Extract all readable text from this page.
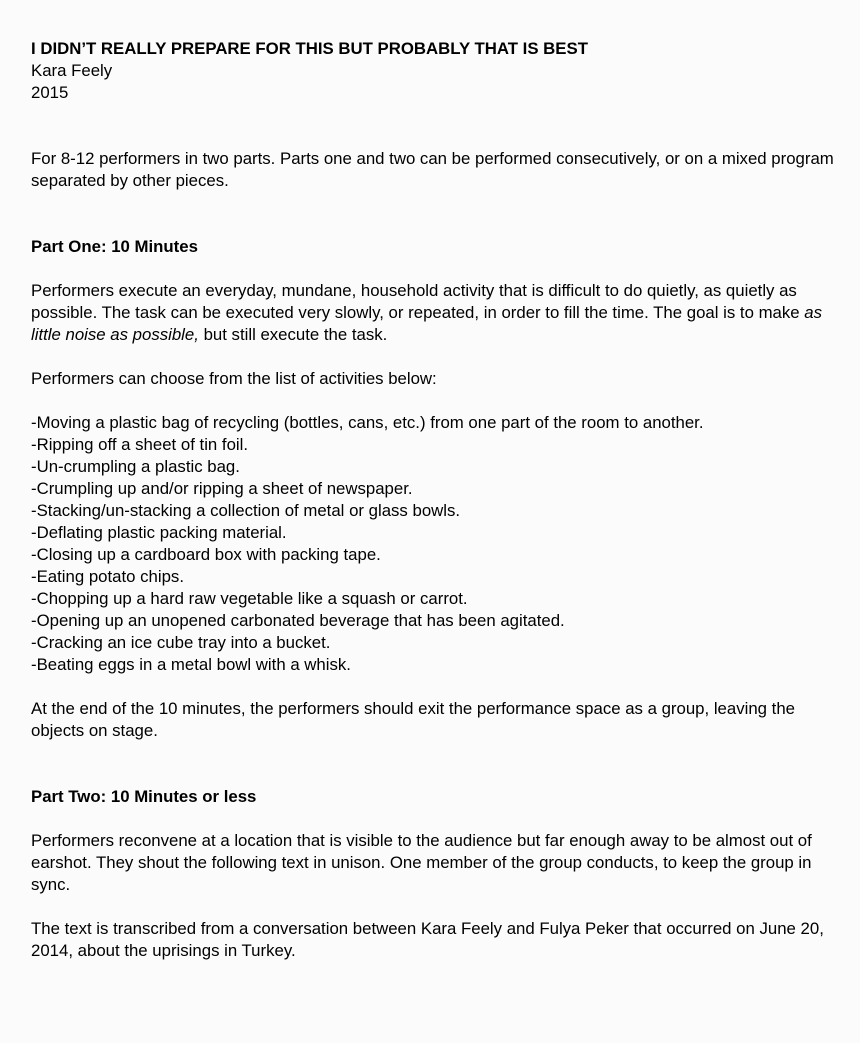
I DIDN’T REALLY PREPARE FOR THIS BUT PROBABLY THAT IS BEST

Kara Feely

2015

For 8-12 performers in two parts. Parts one and two can be performed consecutively, or on a mixed program separated by other pieces.

Part One: 10 Minutes

Performers execute an everyday, mundane, household activity that is difficult to do quietly, as quietly as possible. The task can be executed very slowly, or repeated, in order to fill the time. The goal is to make as little noise as possible, but still execute the task.

Performers can choose from the list of activities below:

-Moving a plastic bag of recycling (bottles, cans, etc.) from one part of the room to another.
-Ripping off a sheet of tin foil.
-Un-crumpling a plastic bag.
-Crumpling up and/or ripping a sheet of newspaper.
-Stacking/un-stacking a collection of metal or glass bowls.
-Deflating plastic packing material.
-Closing up a cardboard box with packing tape.
-Eating potato chips.
-Chopping up a hard raw vegetable like a squash or carrot.
-Opening up an unopened carbonated beverage that has been agitated.
-Cracking an ice cube tray into a bucket.
-Beating eggs in a metal bowl with a whisk.

At the end of the 10 minutes, the performers should exit the performance space as a group, leaving the objects on stage.

Part Two: 10 Minutes or less

Performers reconvene at a location that is visible to the audience but far enough away to be almost out of earshot. They shout the following text in unison. One member of the group conducts, to keep the group in sync.

The text is transcribed from a conversation between Kara Feely and Fulya Peker that occurred on June 20, 2014, about the uprisings in Turkey.
